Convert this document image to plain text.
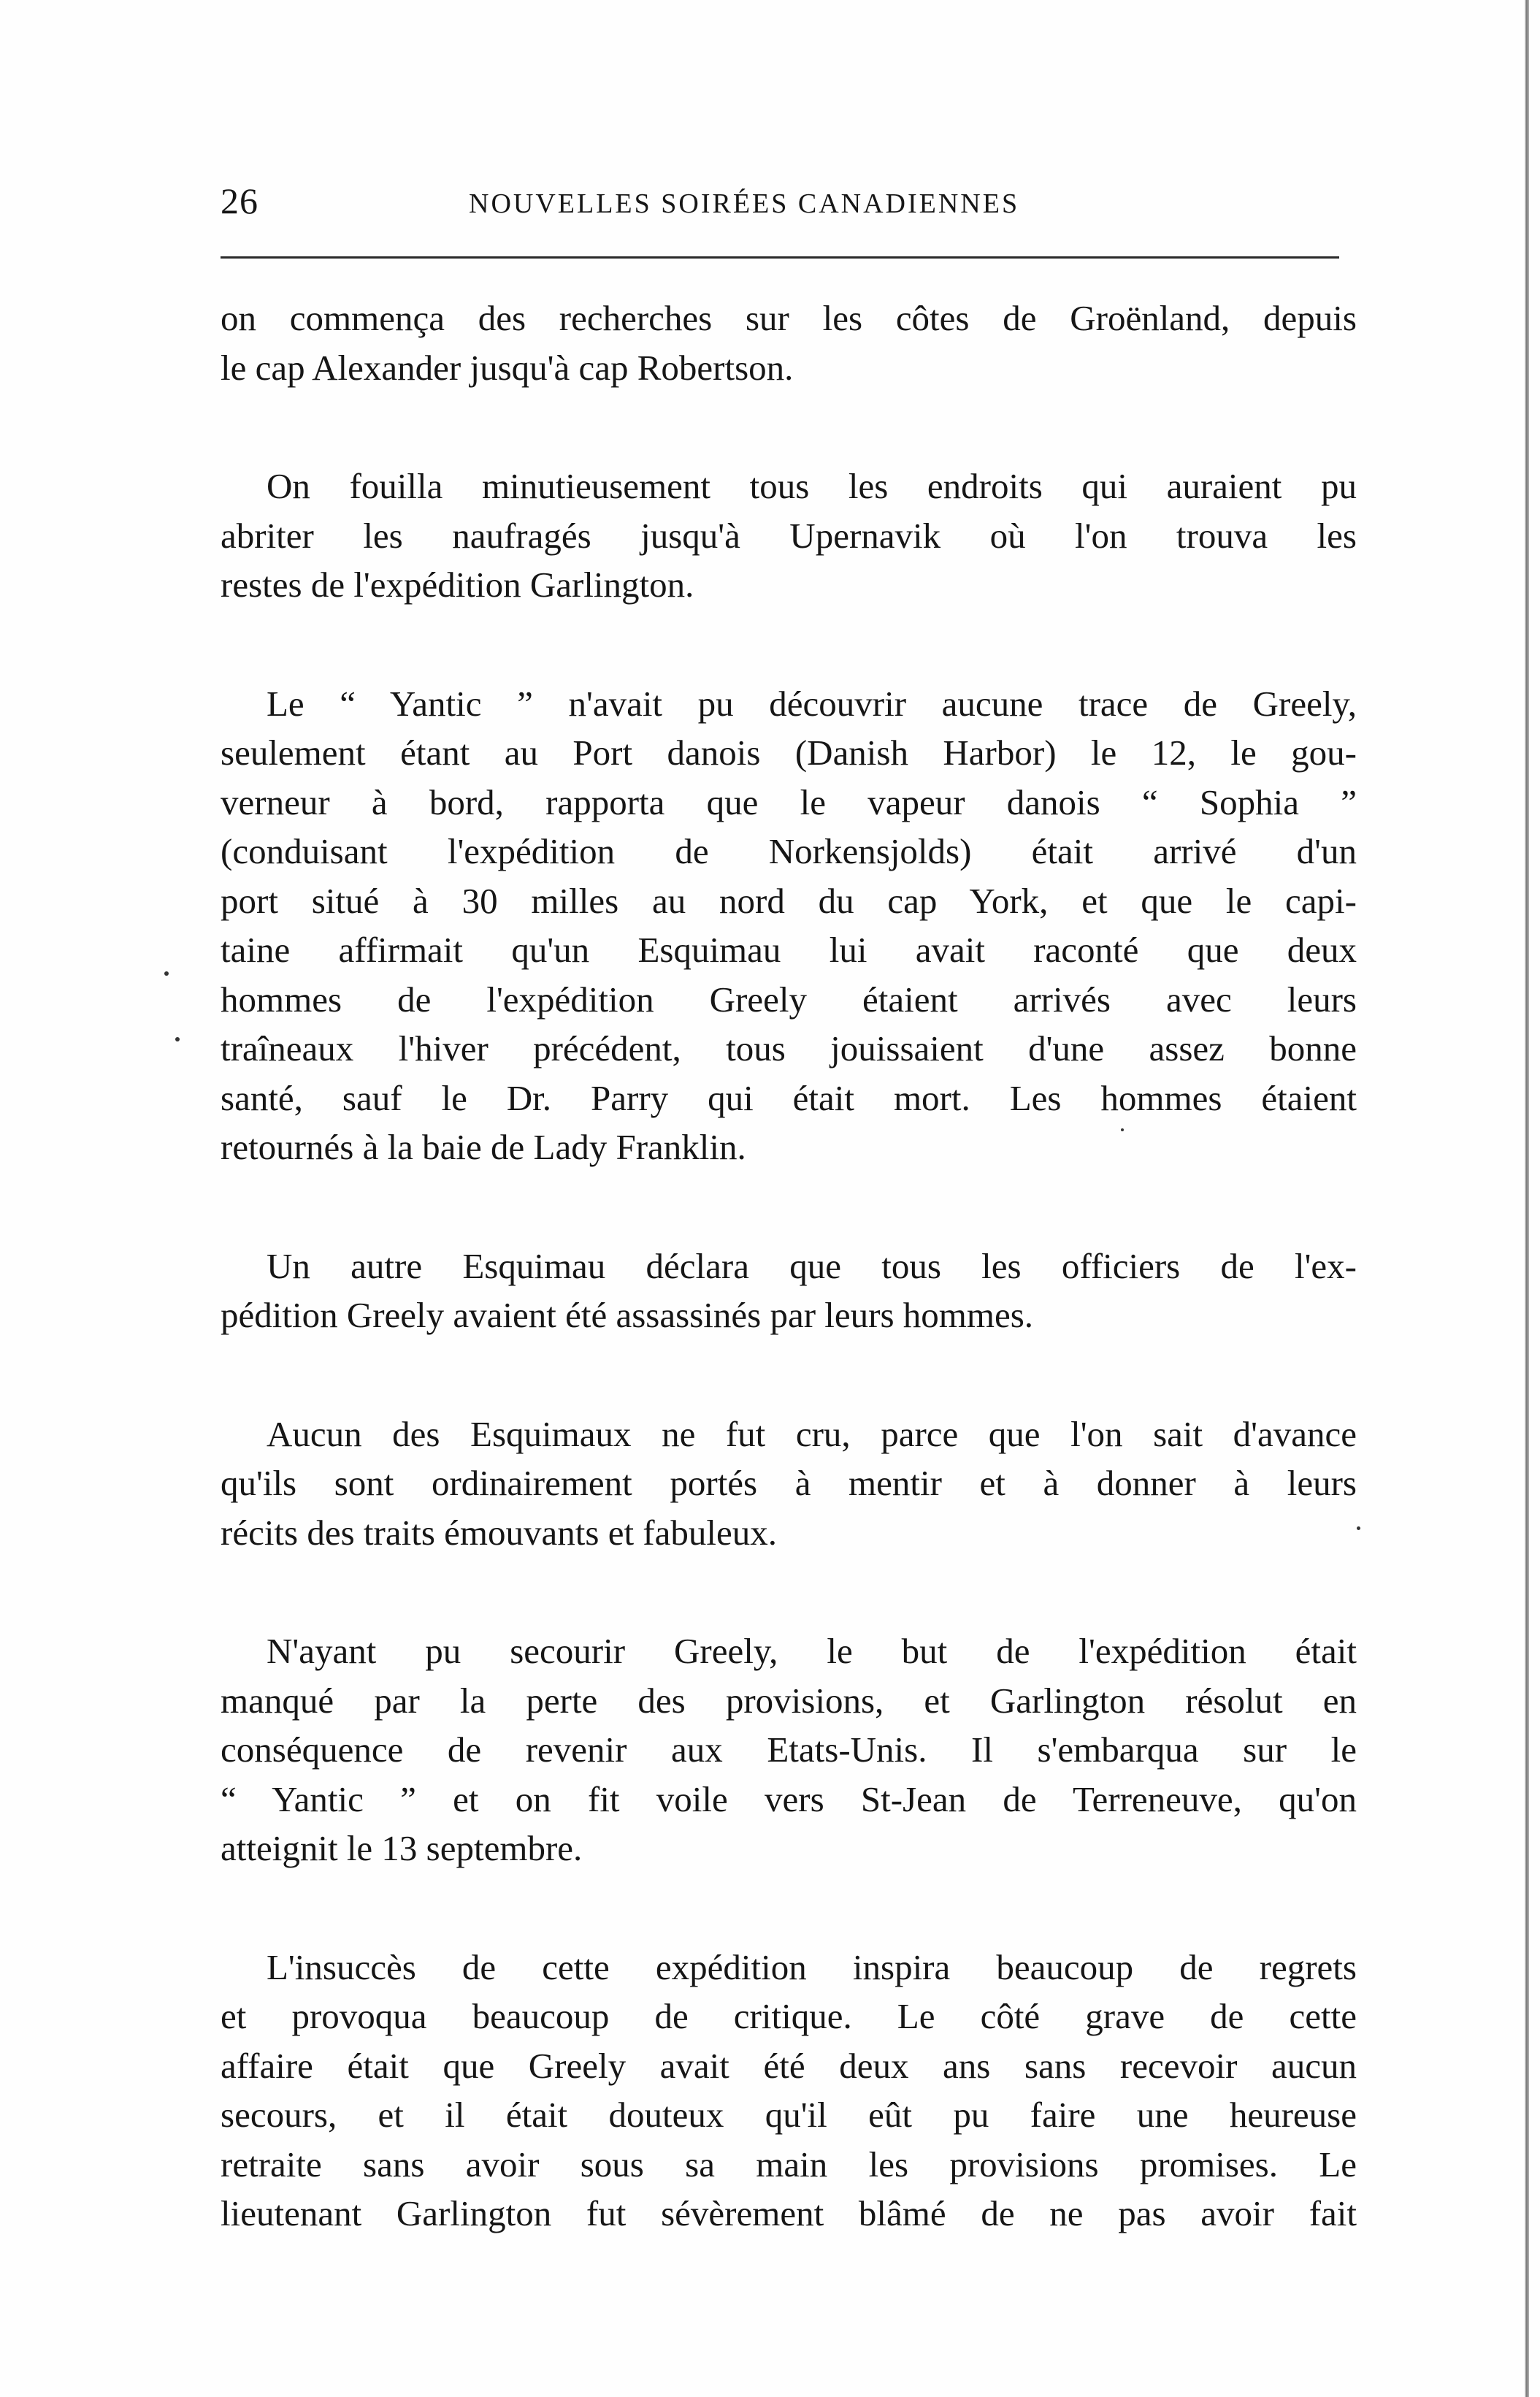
26	NOUVELLES SOIRÉES CANADIENNES

on commença des recherches sur les côtes de Groënland, depuis
le cap Alexander jusqu'à cap Robertson.

On fouilla minutieusement tous les endroits qui auraient pu
abriter les naufragés jusqu'à Upernavik où l'on trouva les
restes de l'expédition Garlington.

Le “ Yantic ” n'avait pu découvrir aucune trace de Greely,
seulement étant au Port danois (Danish Harbor) le 12, le gou-
verneur à bord, rapporta que le vapeur danois “ Sophia ”
(conduisant l'expédition de Norkensjolds) était arrivé d'un
port situé à 30 milles au nord du cap York, et que le capi-
taine affirmait qu'un Esquimau lui avait raconté que deux
hommes de l'expédition Greely étaient arrivés avec leurs
traîneaux l'hiver précédent, tous jouissaient d'une assez bonne
santé, sauf le Dr. Parry qui était mort. Les hommes étaient
retournés à la baie de Lady Franklin.

Un autre Esquimau déclara que tous les officiers de l'ex-
pédition Greely avaient été assassinés par leurs hommes.

Aucun des Esquimaux ne fut cru, parce que l'on sait d'avance
qu'ils sont ordinairement portés à mentir et à donner à leurs
récits des traits émouvants et fabuleux.

N'ayant pu secourir Greely, le but de l'expédition était
manqué par la perte des provisions, et Garlington résolut en
conséquence de revenir aux Etats-Unis. Il s'embarqua sur le
“ Yantic ” et on fit voile vers St-Jean de Terreneuve, qu'on
atteignit le 13 septembre.

L'insuccès de cette expédition inspira beaucoup de regrets
et provoqua beaucoup de critique. Le côté grave de cette
affaire était que Greely avait été deux ans sans recevoir aucun
secours, et il était douteux qu'il eût pu faire une heureuse
retraite sans avoir sous sa main les provisions promises. Le
lieutenant Garlington fut sévèrement blâmé de ne pas avoir fait
